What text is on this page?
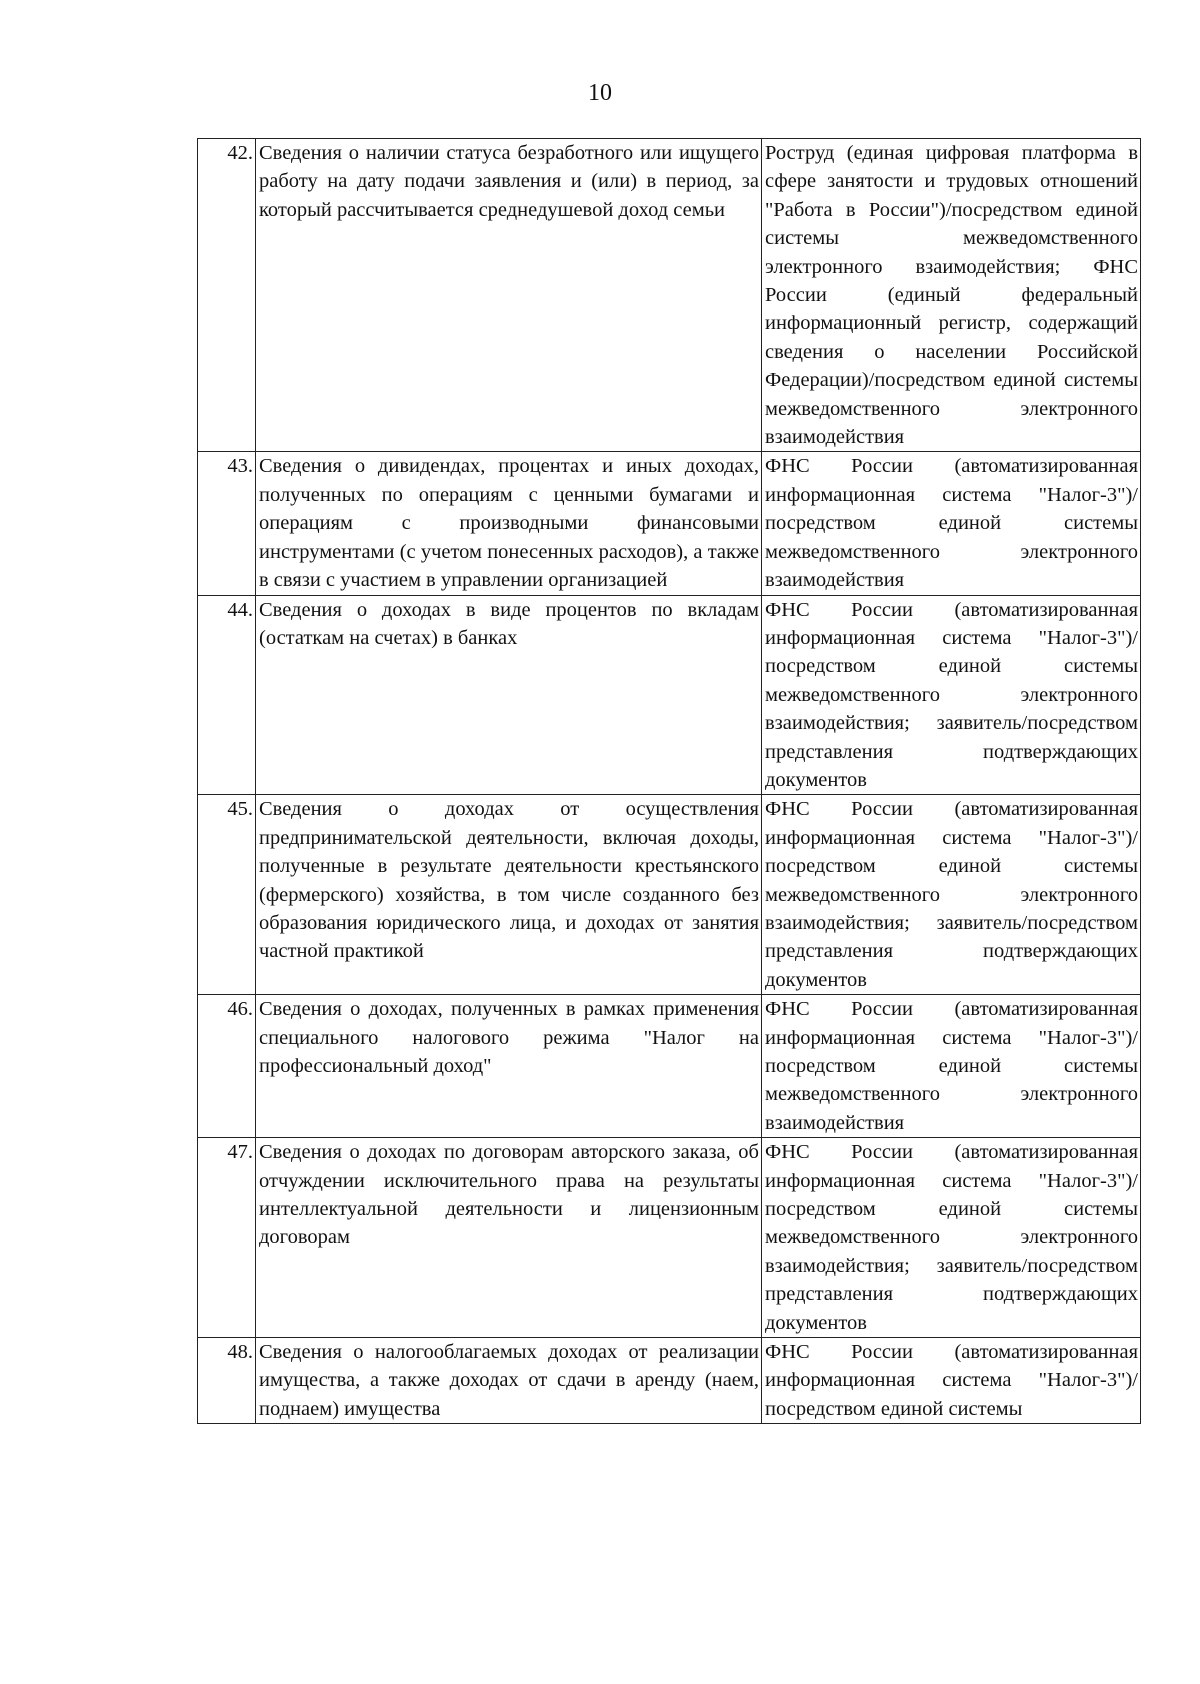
10
42.	Сведения о наличии статуса безработного или ищущего работу на дату подачи заявления и (или) в период, за который рассчитывается среднедушевой доход семьи	Роструд (единая цифровая платформа в сфере занятости и трудовых отношений "Работа в России")/посредством единой системы межведомственного электронного взаимодействия; ФНС России (единый федеральный информационный регистр, содержащий сведения о населении Российской Федерации)/посредством единой системы межведомственного электронного взаимодействия
43.	Сведения о дивидендах, процентах и иных доходах, полученных по операциям с ценными бумагами и операциям с производными финансовыми инструментами (с учетом понесенных расходов), а также в связи с участием в управлении организацией	ФНС России (автоматизированная информационная система "Налог-3")/посредством единой системы межведомственного электронного взаимодействия
44.	Сведения о доходах в виде процентов по вкладам (остаткам на счетах) в банках	ФНС России (автоматизированная информационная система "Налог-3")/посредством единой системы межведомственного электронного взаимодействия; заявитель/посредством представления подтверждающих документов
45.	Сведения о доходах от осуществления предпринимательской деятельности, включая доходы, полученные в результате деятельности крестьянского (фермерского) хозяйства, в том числе созданного без образования юридического лица, и доходах от занятия частной практикой	ФНС России (автоматизированная информационная система "Налог-3")/посредством единой системы межведомственного электронного взаимодействия; заявитель/посредством представления подтверждающих документов
46.	Сведения о доходах, полученных в рамках применения специального налогового режима "Налог на профессиональный доход"	ФНС России (автоматизированная информационная система "Налог-3")/посредством единой системы межведомственного электронного взаимодействия
47.	Сведения о доходах по договорам авторского заказа, об отчуждении исключительного права на результаты интеллектуальной деятельности и лицензионным договорам	ФНС России (автоматизированная информационная система "Налог-3")/посредством единой системы межведомственного электронного взаимодействия; заявитель/посредством представления подтверждающих документов
48.	Сведения о налогооблагаемых доходах от реализации имущества, а также доходах от сдачи в аренду (наем, поднаем) имущества	ФНС России (автоматизированная информационная система "Налог-3")/посредством единой системы
